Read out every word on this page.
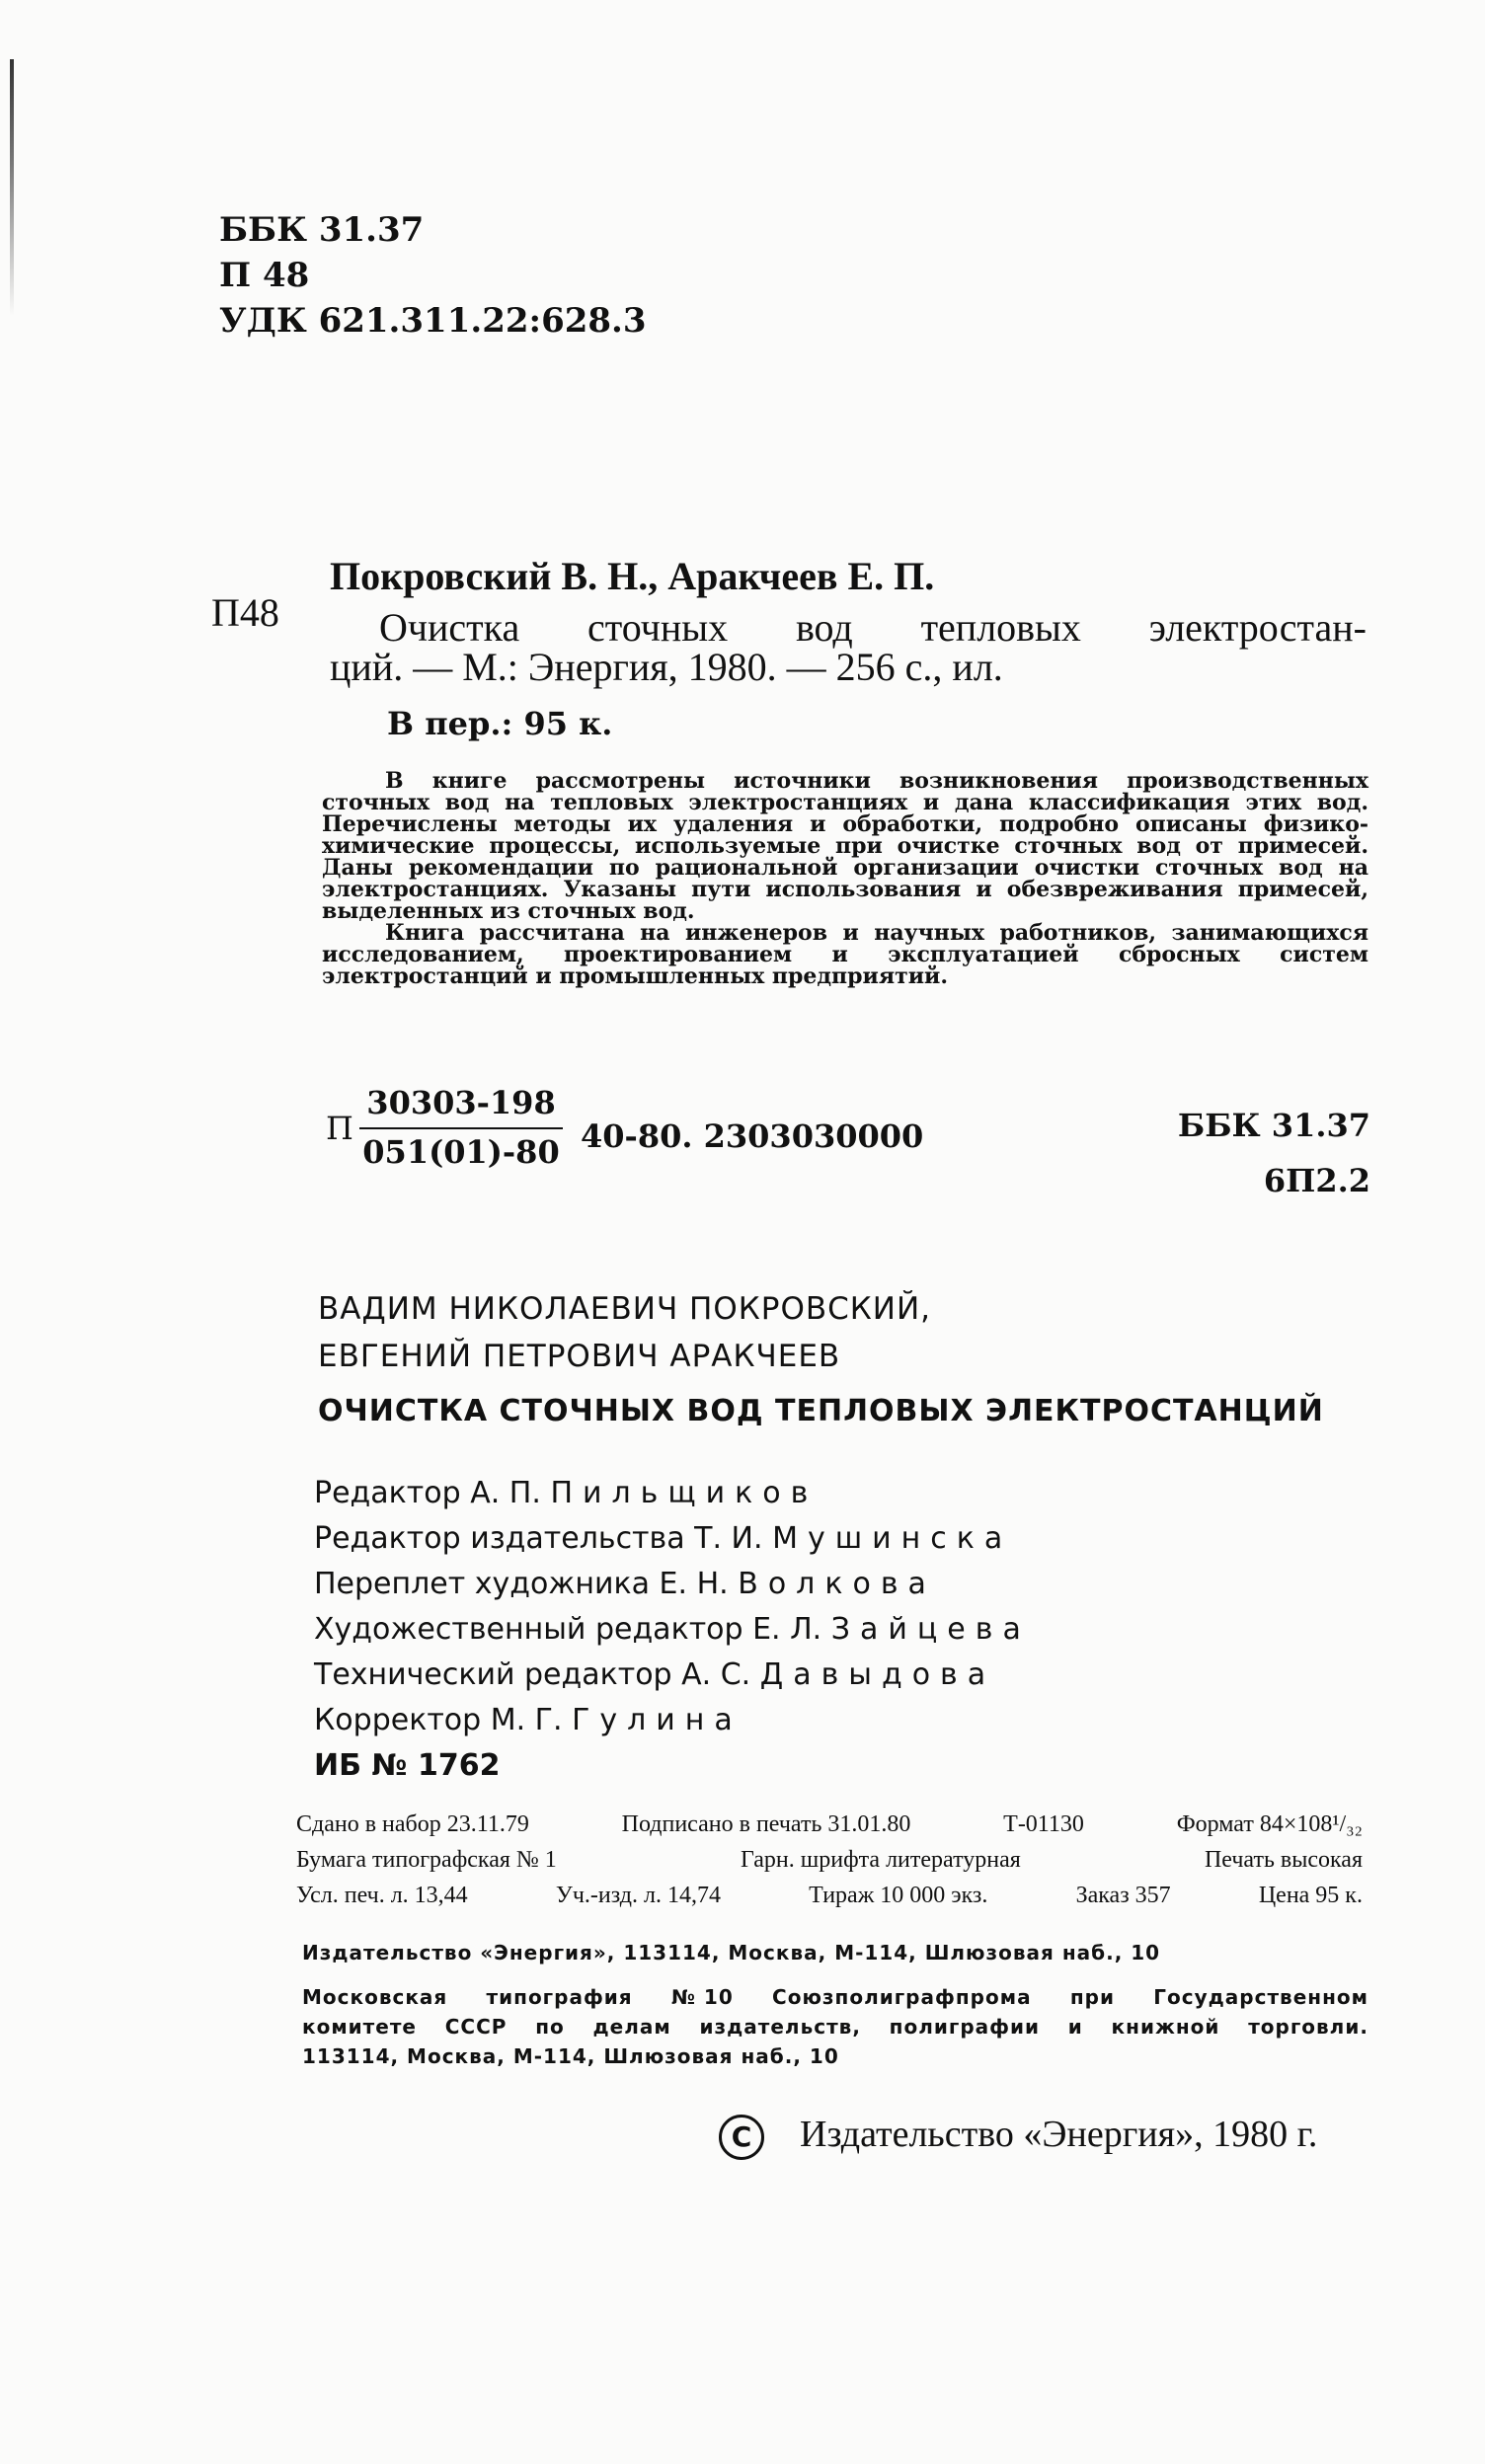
ББК 31.37
П 48
УДК 621.311.22:628.3
П48
Покровский В. Н., Аракчеев Е. П.
Очистка сточных вод тепловых электростан-
ций. — М.: Энергия, 1980. — 256 с., ил.
В пер.: 95 к.

В книге рассмотрены источники возникновения производственных сточных вод на тепловых электростанциях и дана классификация этих вод. Перечислены методы их удаления и обработки, подробно описаны физико-химические процессы, используемые при очистке сточных вод от примесей. Даны рекомендации по рациональной организации очистки сточных вод на электростанциях. Указаны пути использования и обезвреживания примесей, выделенных из сточных вод.

Книга рассчитана на инженеров и научных работников, занимающихся исследованием, проектированием и эксплуатацией сбросных систем электростанций и промышленных предприятий.

П
30303-198
051(01)-80 40-80. 2303030000	ББК 31.37
6П2.2
ВАДИМ НИКОЛАЕВИЧ ПОКРОВСКИЙ,
ЕВГЕНИЙ ПЕТРОВИЧ АРАКЧЕЕВ
ОЧИСТКА СТОЧНЫХ ВОД ТЕПЛОВЫХ ЭЛЕКТРОСТАНЦИЙ
Редактор А. П. Пильщиков
Редактор издательства Т. И. Мушинска
Переплет художника Е. Н. Волкова
Художественный редактор Е. Л. Зайцева
Технический редактор А. С. Давыдова
Корректор М. Г. Гулина
ИБ № 1762
Сдано в набор 23.11.79	Подписано в печать 31.01.80	Т-01130	Формат 84×108¹/₃₂
Бумага типографская № 1	Гарн. шрифта литературная	Печать высокая
Усл. печ. л. 13,44	Уч.-изд. л. 14,74	Тираж 10 000 экз.	Заказ 357	Цена 95 к.
Издательство «Энергия», 113114, Москва, М-114, Шлюзовая наб., 10
Московская типография № 10 Союзполиграфпрома при Государственном
комитете СССР по делам издательств, полиграфии и книжной торговли.
113114, Москва, М-114, Шлюзовая наб., 10
C Издательство «Энергия», 1980 г.
